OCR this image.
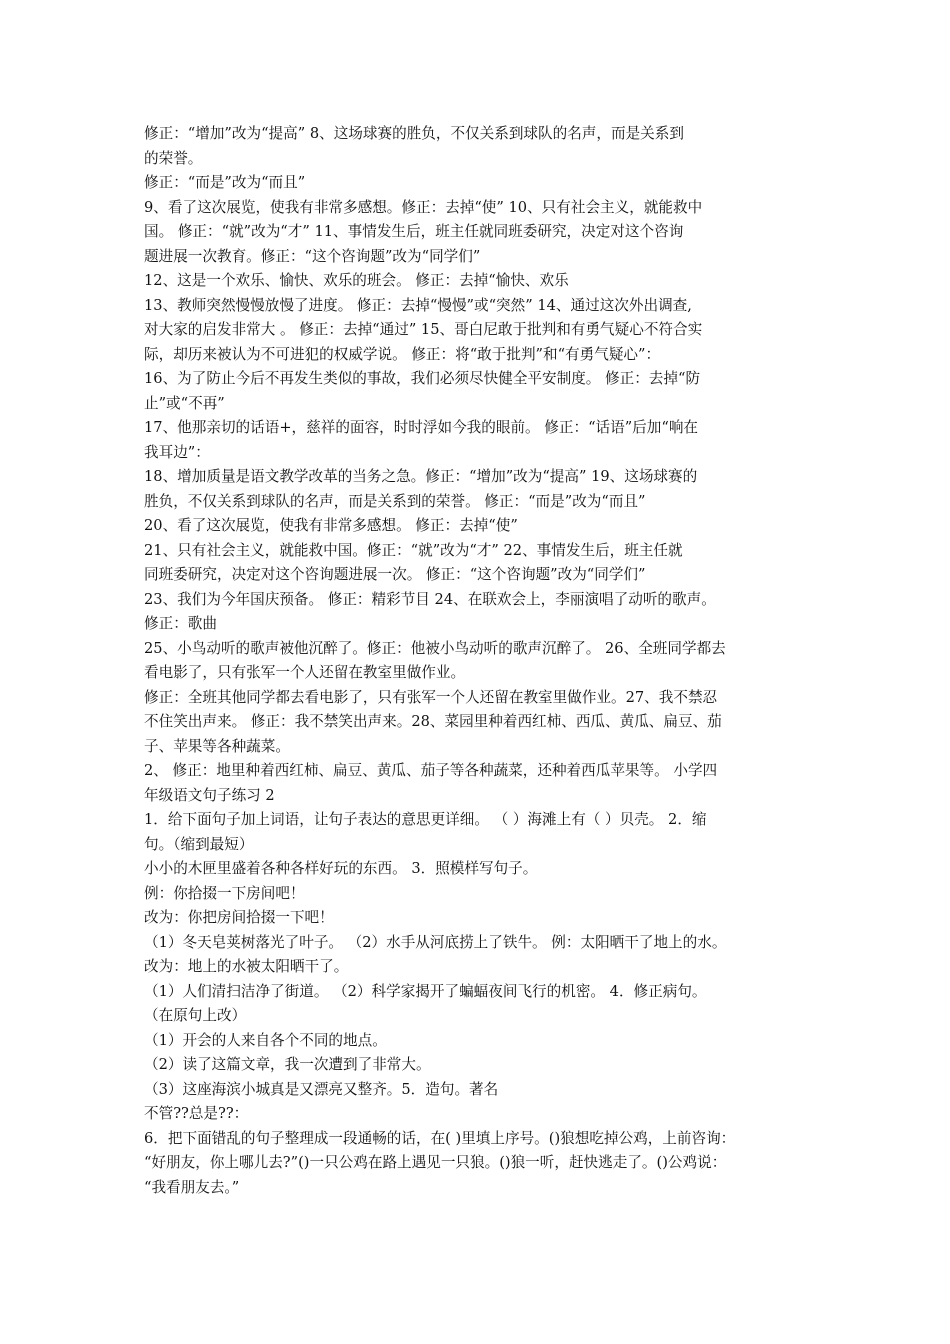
修正：“增加”改为“提高” 8、这场球赛的胜负，不仅关系到球队的名声，而是关系到
的荣誉。
修正：“而是”改为“而且”
9、看了这次展览，使我有非常多感想。修正：去掉“使” 10、只有社会主义，就能救中
国。 修正：“就”改为“才” 11、事情发生后，班主任就同班委研究，决定对这个咨询
题进展一次教育。修正：“这个咨询题”改为“同学们”
12、这是一个欢乐、愉快、欢乐的班会。 修正：去掉“愉快、欢乐
13、教师突然慢慢放慢了进度。 修正：去掉“慢慢”或“突然” 14、通过这次外出调查,
对大家的启发非常大 。 修正：去掉“通过” 15、哥白尼敢于批判和有勇气疑心不符合实
际，却历来被认为不可进犯的权威学说。 修正：将“敢于批判”和“有勇气疑心”：
16、为了防止今后不再发生类似的事故，我们必须尽快健全平安制度。 修正：去掉“防
止”或“不再”
17、他那亲切的话语+，慈祥的面容，时时浮如今我的眼前。 修正：“话语”后加“响在
我耳边”：
18、增加质量是语文教学改革的当务之急。修正：“增加”改为“提高” 19、这场球赛的
胜负，不仅关系到球队的名声，而是关系到的荣誉。 修正：“而是”改为“而且”
20、看了这次展览，使我有非常多感想。 修正：去掉“使”
21、只有社会主义，就能救中国。修正：“就”改为“才” 22、事情发生后，班主任就
同班委研究，决定对这个咨询题进展一次。 修正：“这个咨询题”改为“同学们”
23、我们为今年国庆预备。 修正：精彩节目 24、在联欢会上，李丽演唱了动听的歌声。
修正：歌曲
25、小鸟动听的歌声被他沉醉了。修正：他被小鸟动听的歌声沉醉了。 26、全班同学都去
看电影了，只有张军一个人还留在教室里做作业。
修正：全班其他同学都去看电影了，只有张军一个人还留在教室里做作业。27、我不禁忍
不住笑出声来。 修正：我不禁笑出声来。28、菜园里种着西红柿、西瓜、黄瓜、扁豆、茄
子、苹果等各种蔬菜。
2、 修正：地里种着西红柿、扁豆、黄瓜、茄子等各种蔬菜，还种着西瓜苹果等。 小学四
年级语文句子练习 2
1．给下面句子加上词语，让句子表达的意思更详细。 （ ）海滩上有（ ）贝壳。 2．缩
句。（缩到最短）
小小的木匣里盛着各种各样好玩的东西。 3．照模样写句子。
例：你拾掇一下房间吧！
改为：你把房间拾掇一下吧！
（1）冬天皂荚树落光了叶子。 （2）水手从河底捞上了铁牛。 例：太阳晒干了地上的水。
改为：地上的水被太阳晒干了。
（1）人们清扫洁净了街道。 （2）科学家揭开了蝙蝠夜间飞行的机密。 4．修正病句。
（在原句上改）
（1）开会的人来自各个不同的地点。
（2）读了这篇文章，我一次遭到了非常大。
（3）这座海滨小城真是又漂亮又整齐。5．造句。著名
不管??总是??：
6．把下面错乱的句子整理成一段通畅的话，在( )里填上序号。()狼想吃掉公鸡，上前咨询：
“好朋友，你上哪儿去?”()一只公鸡在路上遇见一只狼。()狼一听，赶快逃走了。()公鸡说：
“我看朋友去。”
